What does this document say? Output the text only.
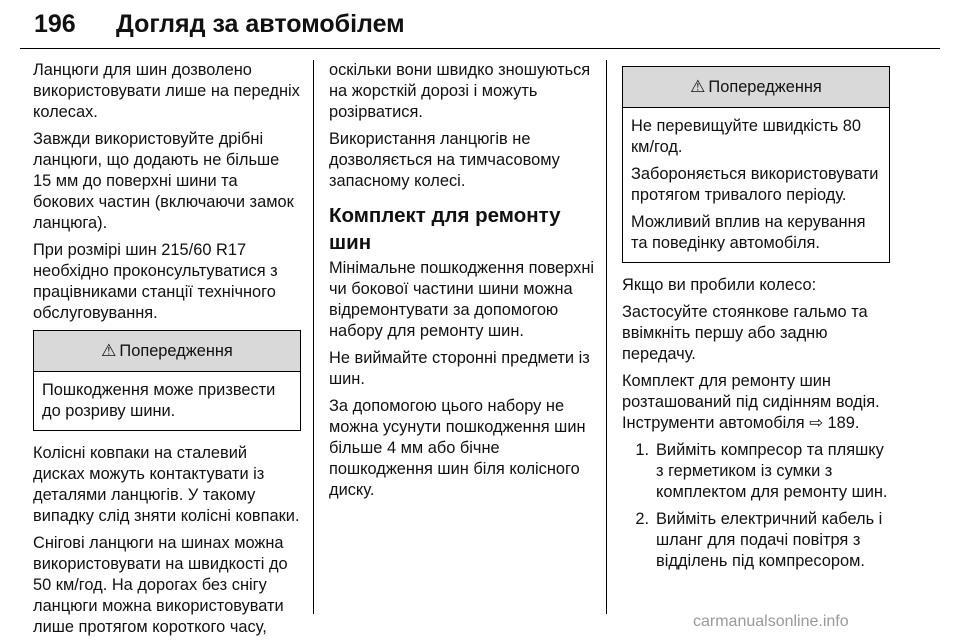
196 Догляд за автомобілем

Ланцюги для шин дозволено використовувати лише на передніх колесах.

Завжди використовуйте дрібні ланцюги, що додають не більше 15 мм до поверхні шини та бокових частин (включаючи замок ланцюга).

При розмірі шин 215/60 R17 необхідно проконсультуватися з працівниками станції технічного обслуговування.

⚠ Попередження

Пошкодження може призвести до розриву шини.

Колісні ковпаки на сталевий дисках можуть контактувати із деталями ланцюгів. У такому випадку слід зняти колісні ковпаки.

Снігові ланцюги на шинах можна використовувати на швидкості до 50 км/год. На дорогах без снігу ланцюги можна використовувати лише протягом короткого часу,

оскільки вони швидко зношуються на жорсткій дорозі і можуть розірватися.

Використання ланцюгів не дозволяється на тимчасовому запасному колесі.

Комплект для ремонту шин

Мінімальне пошкодження поверхні чи бокової частини шини можна відремонтувати за допомогою набору для ремонту шин.

Не виймайте сторонні предмети із шин.

За допомогою цього набору не можна усунути пошкодження шин більше 4 мм або бічне пошкодження шин біля колісного диску.

⚠ Попередження

Не перевищуйте швидкість 80 км/год.

Забороняється використовувати протягом тривалого періоду.

Можливий вплив на керування та поведінку автомобіля.

Якщо ви пробили колесо:

Застосуйте стоянкове гальмо та ввімкніть першу або задню передачу.

Комплект для ремонту шин розташований під сидінням водія. Інструменти автомобіля ⇨ 189.

1. Вийміть компресор та пляшку з герметиком із сумки з комплектом для ремонту шин.
2. Вийміть електричний кабель і шланг для подачі повітря з відділень під компресором.
carmanualsonline.info
